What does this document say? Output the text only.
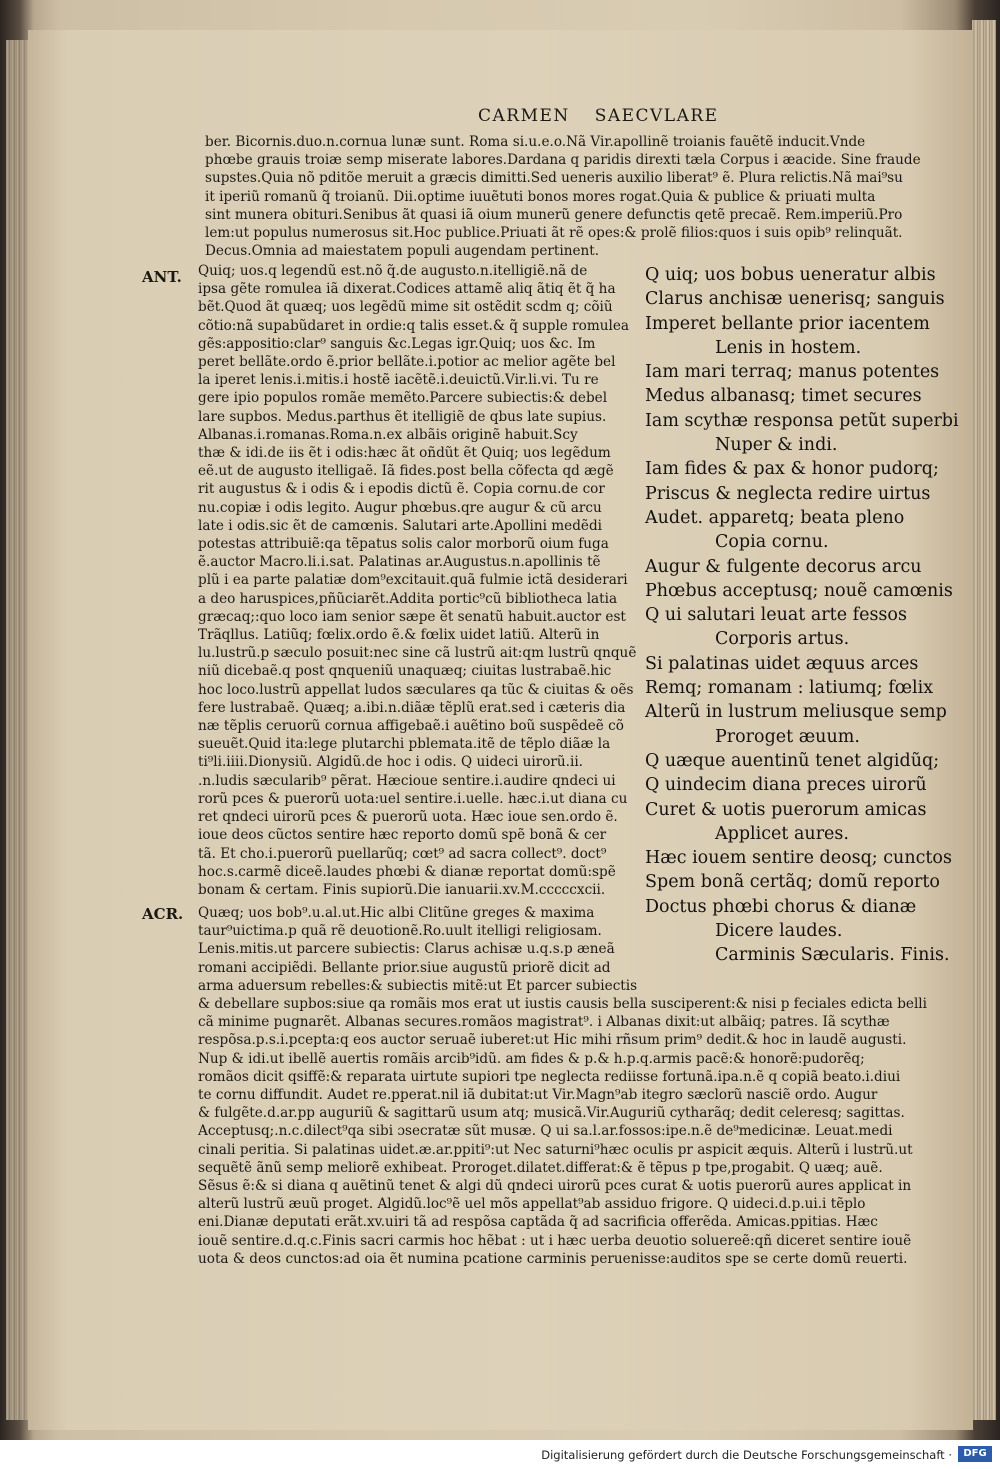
CARMEN SAECVLARE
ber. Bicornis.duo.n.cornua lunæ sunt. Roma si.u.e.o.Nã Vir.apollinẽ troianis fauẽtẽ inducit.Vnde
phœbe grauis troiæ semp miserate labores.Dardana q paridis direxti tæla Corpus i æacide. Sine fraude
supstes.Quia nõ pditõe meruit a græcis dimitti.Sed ueneris auxilio liberat⁹ ẽ. Plura relictis.Nã mai⁹su
it iperiũ romanũ q̃ troianũ. Dii.optime iuuẽtuti bonos mores rogat.Quia & publice & priuati multa
sint munera obituri.Senibus ãt quasi iã oium munerũ genere defunctis qetẽ precaẽ. Rem.imperiũ.Pro
lem:ut populus numerosus sit.Hoc publice.Priuati ãt rẽ opes:& prolẽ filios:quos i suis opib⁹ relinquãt.
Decus.Omnia ad maiestatem populi augendam pertinent.
ANT.
ACR.
Quiq; uos.q legendũ est.nõ q̃.de augusto.n.itelligiẽ.nã de
ipsa gẽte romulea iã dixerat.Codices attamẽ aliq ãtiq ẽt q̃ ha
bẽt.Quod ãt quæq; uos legẽdũ mime sit ostẽdit scdm q; cõiũ
cõtio:nã supabũdaret in ordie:q talis esset.& q̃ supple romulea
gẽs:appositio:clar⁹ sanguis &c.Legas igr.Quiq; uos &c. Im
peret bellãte.ordo ẽ.prior bellãte.i.potior ac melior agẽte bel
la iperet lenis.i.mitis.i hostẽ iacẽtẽ.i.deuictũ.Vir.li.vi. Tu re
gere ipio populos romãe memẽto.Parcere subiectis:& debel
lare supbos. Medus.parthus ẽt itelligiẽ de qbus late supius.
Albanas.i.romanas.Roma.n.ex albãis originẽ habuit.Scy
thæ & idi.de iis ẽt i odis:hæc ãt oñdũt ẽt Quiq; uos legẽdum
eẽ.ut de augusto itelligaẽ. Iã fides.post bella cõfecta qd ægẽ
rit augustus & i odis & i epodis dictũ ẽ. Copia cornu.de cor
nu.copiæ i odis legito. Augur phœbus.qre augur & cũ arcu
late i odis.sic ẽt de camœnis. Salutari arte.Apollini medẽdi
potestas attribuiẽ:qa tẽpatus solis calor morborũ oium fuga
ẽ.auctor Macro.li.i.sat. Palatinas ar.Augustus.n.apollinis tẽ
plũ i ea parte palatiæ dom⁹excitauit.quã fulmie ictã desiderari
a deo haruspices,pñũciarẽt.Addita portic⁹cũ bibliotheca latia
græcaq;:quo loco iam senior sæpe ẽt senatũ habuit.auctor est
Trãqllus. Latiũq; fœlix.ordo ẽ.& fœlix uidet latiũ. Alterũ in
lu.lustrũ.p sæculo posuit:nec sine cã lustrũ ait:qm lustrũ qnquẽ
niũ dicebaẽ.q post qnqueniũ unaquæq; ciuitas lustrabaẽ.hic
hoc loco.lustrũ appellat ludos sæculares qa tũc & ciuitas & oẽs
fere lustrabaẽ. Quæq; a.ibi.n.diãæ tẽplũ erat.sed i cæteris dia
næ tẽplis ceruorũ cornua affigebaẽ.i auẽtino boũ suspẽdeẽ cõ
sueuẽt.Quid ita:lege plutarchi pblemata.itẽ de tẽplo diãæ la
ti⁹li.iiii.Dionysiũ. Algidũ.de hoc i odis. Q uideci uirorũ.ii.
.n.ludis sæcularib⁹ pẽrat. Hæcioue sentire.i.audire qndeci ui
rorũ pces & puerorũ uota:uel sentire.i.uelle. hæc.i.ut diana cu
ret qndeci uirorũ pces & puerorũ uota. Hæc ioue sen.ordo ẽ.
ioue deos cũctos sentire hæc reporto domũ spẽ bonã & cer
tã. Et cho.i.puerorũ puellarũq; cœt⁹ ad sacra collect⁹. doct⁹
hoc.s.carmẽ diceẽ.laudes phœbi & dianæ reportat domũ:spẽ
bonam & certam. Finis supiorũ.Die ianuarii.xv.M.cccccxcii.
Q uiq; uos bobus ueneratur albis
Clarus anchisæ uenerisq; sanguis
Imperet bellante prior iacentem
Lenis in hostem.
Iam mari terraq; manus potentes
Medus albanasq; timet secures
Iam scythæ responsa petũt superbi
Nuper & indi.
Iam fides & pax & honor pudorq;
Priscus & neglecta redire uirtus
Audet. apparetq; beata pleno
Copia cornu.
Augur & fulgente decorus arcu
Phœbus acceptusq; nouẽ camœnis
Q ui salutari leuat arte fessos
Corporis artus.
Si palatinas uidet æquus arces
Remq; romanam : latiumq; fœlix
Alterũ in lustrum meliusque semp
Proroget æuum.
Q uæque auentinũ tenet algidũq;
Q uindecim diana preces uirorũ
Curet & uotis puerorum amicas
Applicet aures.
Hæc iouem sentire deosq; cunctos
Spem bonã certãq; domũ reporto
Doctus phœbi chorus & dianæ
Dicere laudes.
Carminis Sæcularis. Finis.
Quæq; uos bob⁹.u.al.ut.Hic albi Clitũne greges & maxima
taur⁹uictima.p quã rẽ deuotionẽ.Ro.uult itelligi religiosam.
Lenis.mitis.ut parcere subiectis: Clarus achisæ u.q.s.p æneã
romani accipiẽdi. Bellante prior.siue augustũ priorẽ dicit ad
arma aduersum rebelles:& subiectis mitẽ:ut Et parcer subiectis
& debellare supbos:siue qa romãis mos erat ut iustis causis bella susciperent:& nisi p feciales edicta belli
cã minime pugnarẽt. Albanas secures.romãos magistrat⁹. i Albanas dixit:ut albãiq; patres. Iã scythæ
respõsa.p.s.i.pcepta:q eos auctor seruaẽ iuberet:ut Hic mihi rñsum prim⁹ dedit.& hoc in laudẽ augusti.
Nup & idi.ut ibellẽ auertis romãis arcib⁹idũ. am fides & p.& h.p.q.armis pacẽ:& honorẽ:pudorẽq;
romãos dicit qsiffẽ:& reparata uirtute supiori tpe neglecta rediisse fortunã.ipa.n.ẽ q copiã beato.i.diui
te cornu diffundit. Audet re.pperat.nil iã dubitat:ut Vir.Magn⁹ab itegro sæclorũ nasciẽ ordo. Augur
& fulgẽte.d.ar.pp auguriũ & sagittarũ usum atq; musicã.Vir.Auguriũ cytharãq; dedit celeresq; sagittas.
Acceptusq;.n.c.dilect⁹qa sibi ɔsecratæ sũt musæ. Q ui sa.l.ar.fossos:ipe.n.ẽ de⁹medicinæ. Leuat.medi
cinali peritia. Si palatinas uidet.æ.ar.ppiti⁹:ut Nec saturni⁹hæc oculis pr aspicit æquis. Alterũ i lustrũ.ut
sequẽtẽ ãnũ semp meliorẽ exhibeat. Proroget.dilatet.differat:& ẽ tẽpus p tpe,progabit. Q uæq; auẽ.
Sẽsus ẽ:& si diana q auẽtinũ tenet & algi dũ qndeci uirorũ pces curat & uotis puerorũ aures applicat in
alterũ lustrũ æuũ proget. Algidũ.loc⁹ẽ uel mõs appellat⁹ab assiduo frigore. Q uideci.d.p.ui.i tẽplo
eni.Dianæ deputati erãt.xv.uiri tã ad respõsa captãda q̃ ad sacrificia offerẽda. Amicas.ppitias. Hæc
iouẽ sentire.d.q.c.Finis sacri carmis hoc hẽbat : ut i hæc uerba deuotio soluereẽ:qñ diceret sentire iouẽ
uota & deos cunctos:ad oia ẽt numina pcatione carminis peruenisse:auditos spe se certe domũ reuerti.
Digitalisierung gefördert durch die Deutsche Forschungsgemeinschaft ·	DFG
